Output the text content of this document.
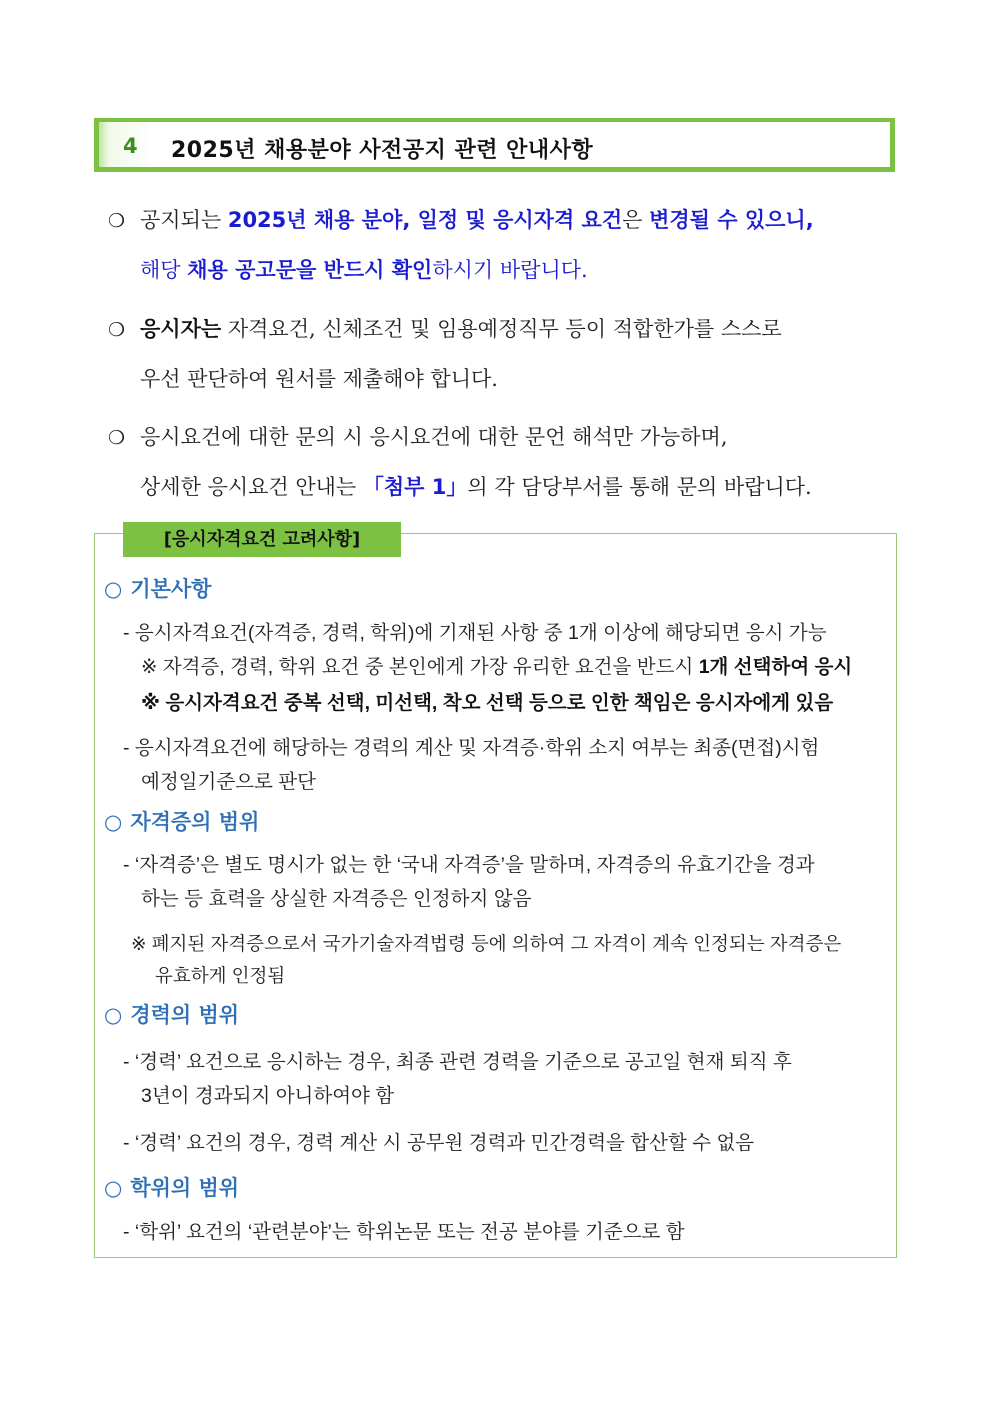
4 2025년 채용분야 사전공지 관련 안내사항
❍ 공지되는 2025년 채용 분야, 일정 및 응시자격 요건은 변경될 수 있으니,
해당 채용 공고문을 반드시 확인하시기 바랍니다.
❍ 응시자는 자격요건, 신체조건 및 임용예정직무 등이 적합한가를 스스로
우선 판단하여 원서를 제출해야 합니다.
❍ 응시요건에 대한 문의 시 응시요건에 대한 문언 해석만 가능하며,
상세한 응시요건 안내는 「첨부 1」의 각 담당부서를 통해 문의 바랍니다.
[응시자격요건 고려사항]
○ 기본사항
- 응시자격요건(자격증, 경력, 학위)에 기재된 사항 중 1개 이상에 해당되면 응시 가능
※ 자격증, 경력, 학위 요건 중 본인에게 가장 유리한 요건을 반드시 1개 선택하여 응시
※ 응시자격요건 중복 선택, 미선택, 착오 선택 등으로 인한 책임은 응시자에게 있음
- 응시자격요건에 해당하는 경력의 계산 및 자격증·학위 소지 여부는 최종(면접)시험
예정일기준으로 판단
○ 자격증의 범위
- ‘자격증’은 별도 명시가 없는 한 ‘국내 자격증’을 말하며, 자격증의 유효기간을 경과
하는 등 효력을 상실한 자격증은 인정하지 않음
※ 폐지된 자격증으로서 국가기술자격법령 등에 의하여 그 자격이 계속 인정되는 자격증은
유효하게 인정됨
○ 경력의 범위
- ‘경력’ 요건으로 응시하는 경우, 최종 관련 경력을 기준으로 공고일 현재 퇴직 후
3년이 경과되지 아니하여야 함
- ‘경력’ 요건의 경우, 경력 계산 시 공무원 경력과 민간경력을 합산할 수 없음
○ 학위의 범위
- ‘학위’ 요건의 ‘관련분야’는 학위논문 또는 전공 분야를 기준으로 함
